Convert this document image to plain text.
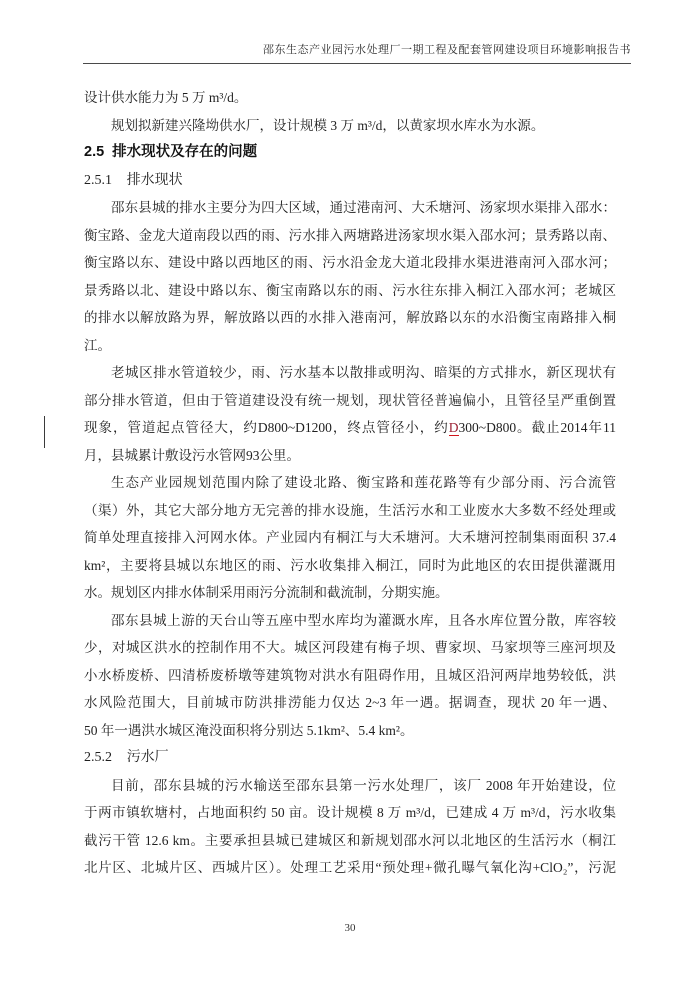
邵东生态产业园污水处理厂一期工程及配套管网建设项目环境影响报告书
设计供水能力为 5 万 m³/d。
规划拟新建兴隆坳供水厂，设计规模 3 万 m³/d，以黄家坝水库水为水源。
2.5 排水现状及存在的问题
2.5.1 排水现状
邵东县城的排水主要分为四大区域，通过港南河、大禾塘河、汤家坝水渠排入邵水：
衡宝路、金龙大道南段以西的雨、污水排入两塘路进汤家坝水渠入邵水河；景秀路以南、
衡宝路以东、建设中路以西地区的雨、污水沿金龙大道北段排水渠进港南河入邵水河；
景秀路以北、建设中路以东、衡宝南路以东的雨、污水往东排入桐江入邵水河；老城区
的排水以解放路为界，解放路以西的水排入港南河，解放路以东的水沿衡宝南路排入桐
江。
老城区排水管道较少，雨、污水基本以散排或明沟、暗渠的方式排水，新区现状有
部分排水管道，但由于管道建设没有统一规划，现状管径普遍偏小，且管径呈严重倒置
现象，管道起点管径大，约D800~D1200，终点管径小，约D300~D800。截止2014年11
月，县城累计敷设污水管网93公里。
生态产业园规划范围内除了建设北路、衡宝路和莲花路等有少部分雨、污合流管
（渠）外，其它大部分地方无完善的排水设施，生活污水和工业废水大多数不经处理或
简单处理直接排入河网水体。产业园内有桐江与大禾塘河。大禾塘河控制集雨面积 37.4
km²，主要将县城以东地区的雨、污水收集排入桐江，同时为此地区的农田提供灌溉用
水。规划区内排水体制采用雨污分流制和截流制，分期实施。
邵东县城上游的天台山等五座中型水库均为灌溉水库，且各水库位置分散，库容较
少，对城区洪水的控制作用不大。城区河段建有梅子坝、曹家坝、马家坝等三座河坝及
小水桥废桥、四清桥废桥墩等建筑物对洪水有阻碍作用，且城区沿河两岸地势较低，洪
水风险范围大，目前城市防洪排涝能力仅达 2~3 年一遇。据调查，现状 20 年一遇、
50 年一遇洪水城区淹没面积将分别达 5.1km²、5.4 km²。
2.5.2 污水厂
目前，邵东县城的污水输送至邵东县第一污水处理厂，该厂 2008 年开始建设，位
于两市镇软塘村，占地面积约 50 亩。设计规模 8 万 m³/d，已建成 4 万 m³/d，污水收集
截污干管 12.6 km。主要承担县城已建城区和新规划邵水河以北地区的生活污水（桐江
北片区、北城片区、西城片区）。处理工艺采用“预处理+微孔曝气氧化沟+ClO₂”，污泥
30
